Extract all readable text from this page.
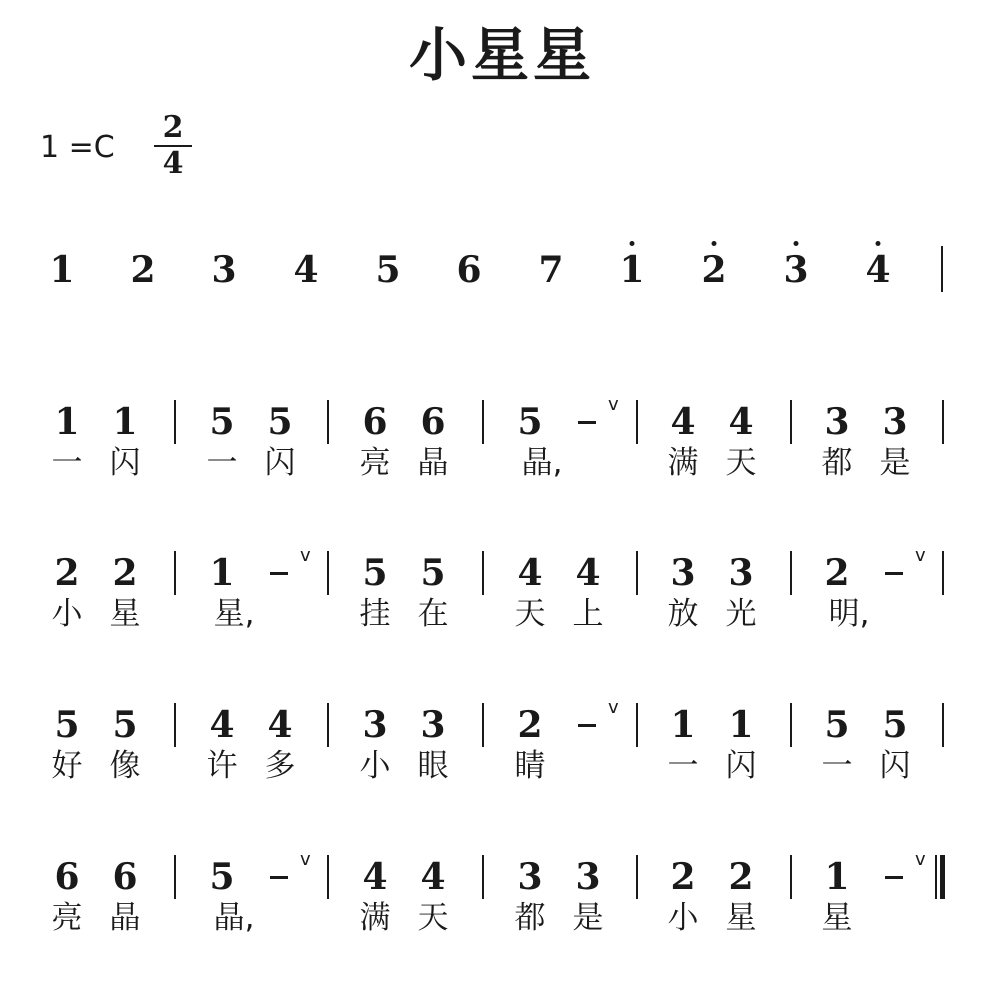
小星星
1 =C
2
4
1 2 3 4 5 6 7 1 2 3 4
1
一
1
闪
5
一
5
闪
6
亮
6
晶
5
晶,
v 4
满
4
天
3
都
3
是
2
小
2
星
1
星,
v 5
挂
5
在
4
天
4
上
3
放
3
光
2
明,
v
5
好
5
像
4
许
4
多
3
小
3
眼
2
睛
v 1
一
1
闪
5
一
5
闪
6
亮
6
晶
5
晶,
v 4
满
4
天
3
都
3
是
2
小
2
星
1
星
v
